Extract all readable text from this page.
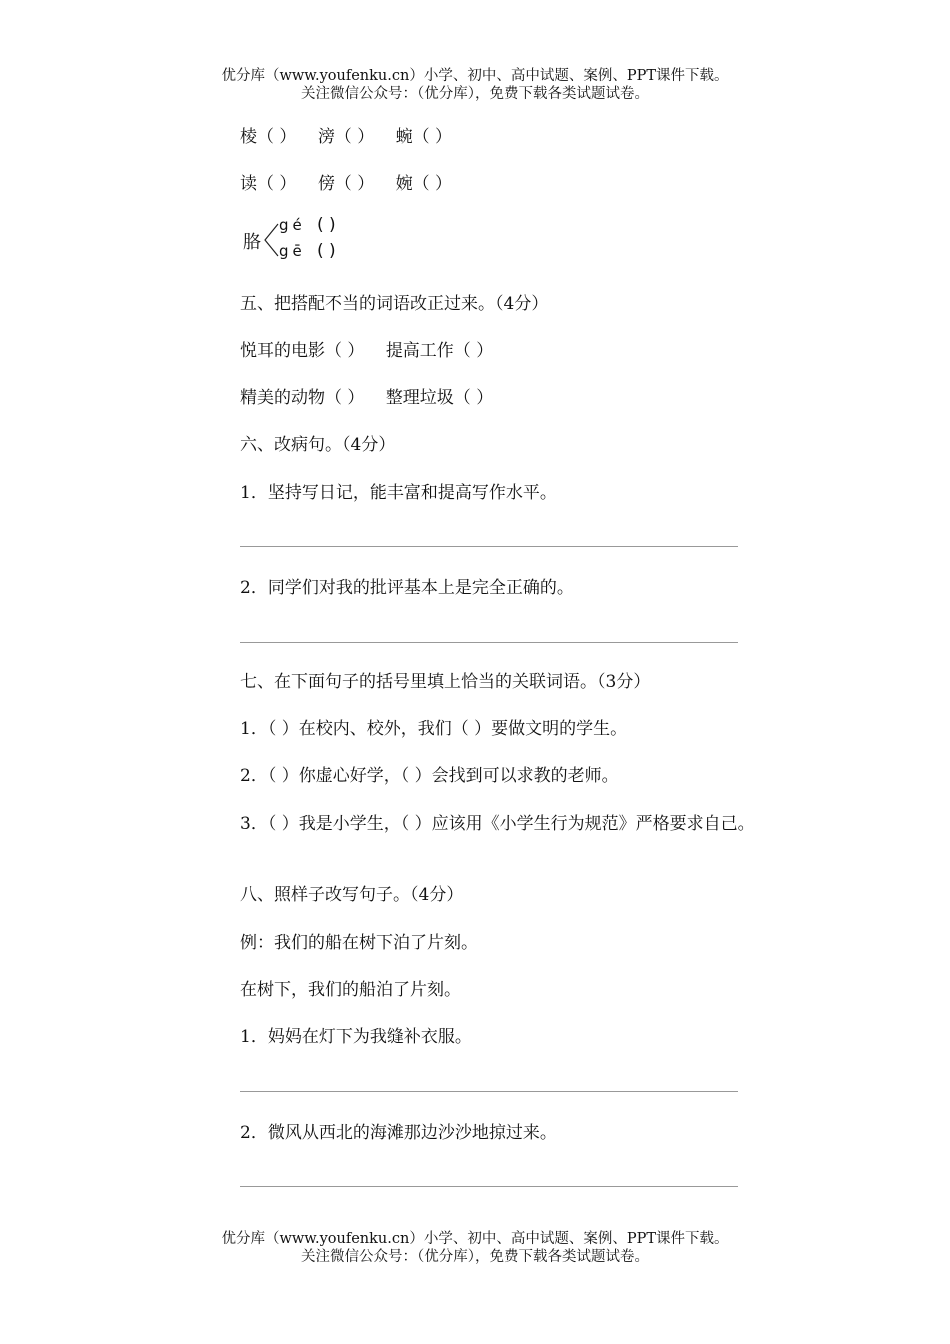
优分库（www.youfenku.cn）小学、初中、高中试题、案例、PPT课件下载。
关注微信公众号：（优分库），免费下载各类试题试卷。
棱（ ） 滂（ ） 蜿（ ）
读（ ） 傍（ ） 婉（ ）
胳
gé
gē
( )
( )
五、把搭配不当的词语改正过来。（4分）
悦耳的电影（ ） 提高工作（ ）
精美的动物（ ） 整理垃圾（ ）
六、改病句。（4分）
1．坚持写日记，能丰富和提高写作水平。
2．同学们对我的批评基本上是完全正确的。
七、在下面句子的括号里填上恰当的关联词语。（3分）
1．（ ）在校内、校外，我们（ ）要做文明的学生。
2．（ ）你虚心好学，（ ）会找到可以求教的老师。
3．（ ）我是小学生，（ ）应该用《小学生行为规范》严格要求自己。
八、照样子改写句子。（4分）
例：我们的船在树下泊了片刻。
在树下，我们的船泊了片刻。
1．妈妈在灯下为我缝补衣服。
2．微风从西北的海滩那边沙沙地掠过来。
优分库（www.youfenku.cn）小学、初中、高中试题、案例、PPT课件下载。
关注微信公众号：（优分库），免费下载各类试题试卷。
